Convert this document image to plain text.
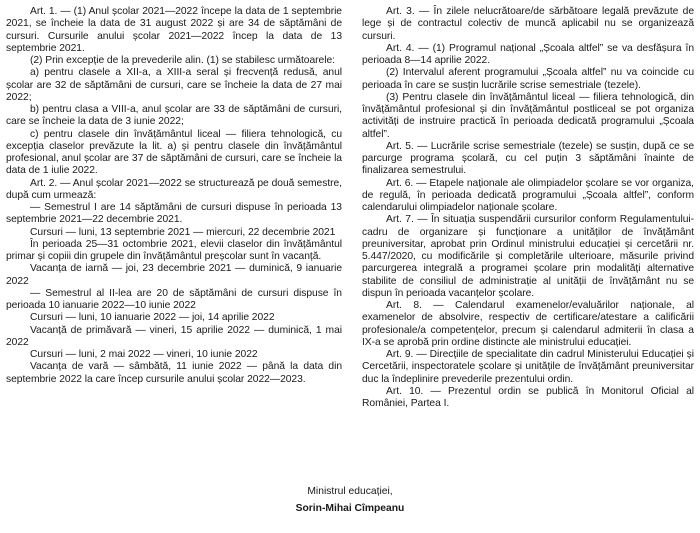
Art. 1. — (1) Anul școlar 2021—2022 începe la data de 1 septembrie 2021, se încheie la data de 31 august 2022 și are 34 de săptămâni de cursuri. Cursurile anului școlar 2021—2022 încep la data de 13 septembrie 2021.

(2) Prin excepție de la prevederile alin. (1) se stabilesc următoarele:

a) pentru clasele a XII-a, a XIII-a seral și frecvență redusă, anul școlar are 32 de săptămâni de cursuri, care se încheie la data de 27 mai 2022;

b) pentru clasa a VIII-a, anul școlar are 33 de săptămâni de cursuri, care se încheie la data de 3 iunie 2022;

c) pentru clasele din învățământul liceal — filiera tehnologică, cu excepția claselor prevăzute la lit. a) și pentru clasele din învățământul profesional, anul școlar are 37 de săptămâni de cursuri, care se încheie la data de 1 iulie 2022.

Art. 2. — Anul școlar 2021—2022 se structurează pe două semestre, după cum urmează:

— Semestrul I are 14 săptămâni de cursuri dispuse în perioada 13 septembrie 2021—22 decembrie 2021.

Cursuri — luni, 13 septembrie 2021 — miercuri, 22 decembrie 2021

În perioada 25—31 octombrie 2021, elevii claselor din învățământul primar și copiii din grupele din învățământul preșcolar sunt în vacanță.

Vacanța de iarnă — joi, 23 decembrie 2021 — duminică, 9 ianuarie 2022

— Semestrul al II-lea are 20 de săptămâni de cursuri dispuse în perioada 10 ianuarie 2022—10 iunie 2022

Cursuri — luni, 10 ianuarie 2022 — joi, 14 aprilie 2022

Vacanță de primăvară — vineri, 15 aprilie 2022 — duminică, 1 mai 2022

Cursuri — luni, 2 mai 2022 — vineri, 10 iunie 2022

Vacanța de vară — sâmbătă, 11 iunie 2022 — până la data din septembrie 2022 la care încep cursurile anului școlar 2022—2023.

Art. 3. — În zilele nelucrătoare/de sărbătoare legală prevăzute de lege și de contractul colectiv de muncă aplicabil nu se organizează cursuri.

Art. 4. — (1) Programul național „Școala altfel” se va desfășura în perioada 8—14 aprilie 2022.

(2) Intervalul aferent programului „Școala altfel” nu va coincide cu perioada în care se susțin lucrările scrise semestriale (tezele).

(3) Pentru clasele din învățământul liceal — filiera tehnologică, din învățământul profesional și din învățământul postliceal se pot organiza activități de instruire practică în perioada dedicată programului „Școala altfel”.

Art. 5. — Lucrările scrise semestriale (tezele) se susțin, după ce se parcurge programa școlară, cu cel puțin 3 săptămâni înainte de finalizarea semestrului.

Art. 6. — Etapele naționale ale olimpiadelor școlare se vor organiza, de regulă, în perioada dedicată programului „Școala altfel”, conform calendarului olimpiadelor naționale școlare.

Art. 7. — În situația suspendării cursurilor conform Regulamentului-cadru de organizare și funcționare a unităților de învățământ preuniversitar, aprobat prin Ordinul ministrului educației și cercetării nr. 5.447/2020, cu modificările și completările ulterioare, măsurile privind parcurgerea integrală a programei școlare prin modalități alternative stabilite de consiliul de administrație al unității de învățământ nu se dispun în perioada vacanțelor școlare.

Art. 8. — Calendarul examenelor/evaluărilor naționale, al examenelor de absolvire, respectiv de certificare/atestare a calificării profesionale/a competențelor, precum și calendarul admiterii în clasa a IX-a se aprobă prin ordine distincte ale ministrului educației.

Art. 9. — Direcțiile de specialitate din cadrul Ministerului Educației și Cercetării, inspectoratele școlare și unitățile de învățământ preuniversitar duc la îndeplinire prevederile prezentului ordin.

Art. 10. — Prezentul ordin se publică în Monitorul Oficial al României, Partea I.

Ministrul educației,
Sorin-Mihai Cîmpeanu
